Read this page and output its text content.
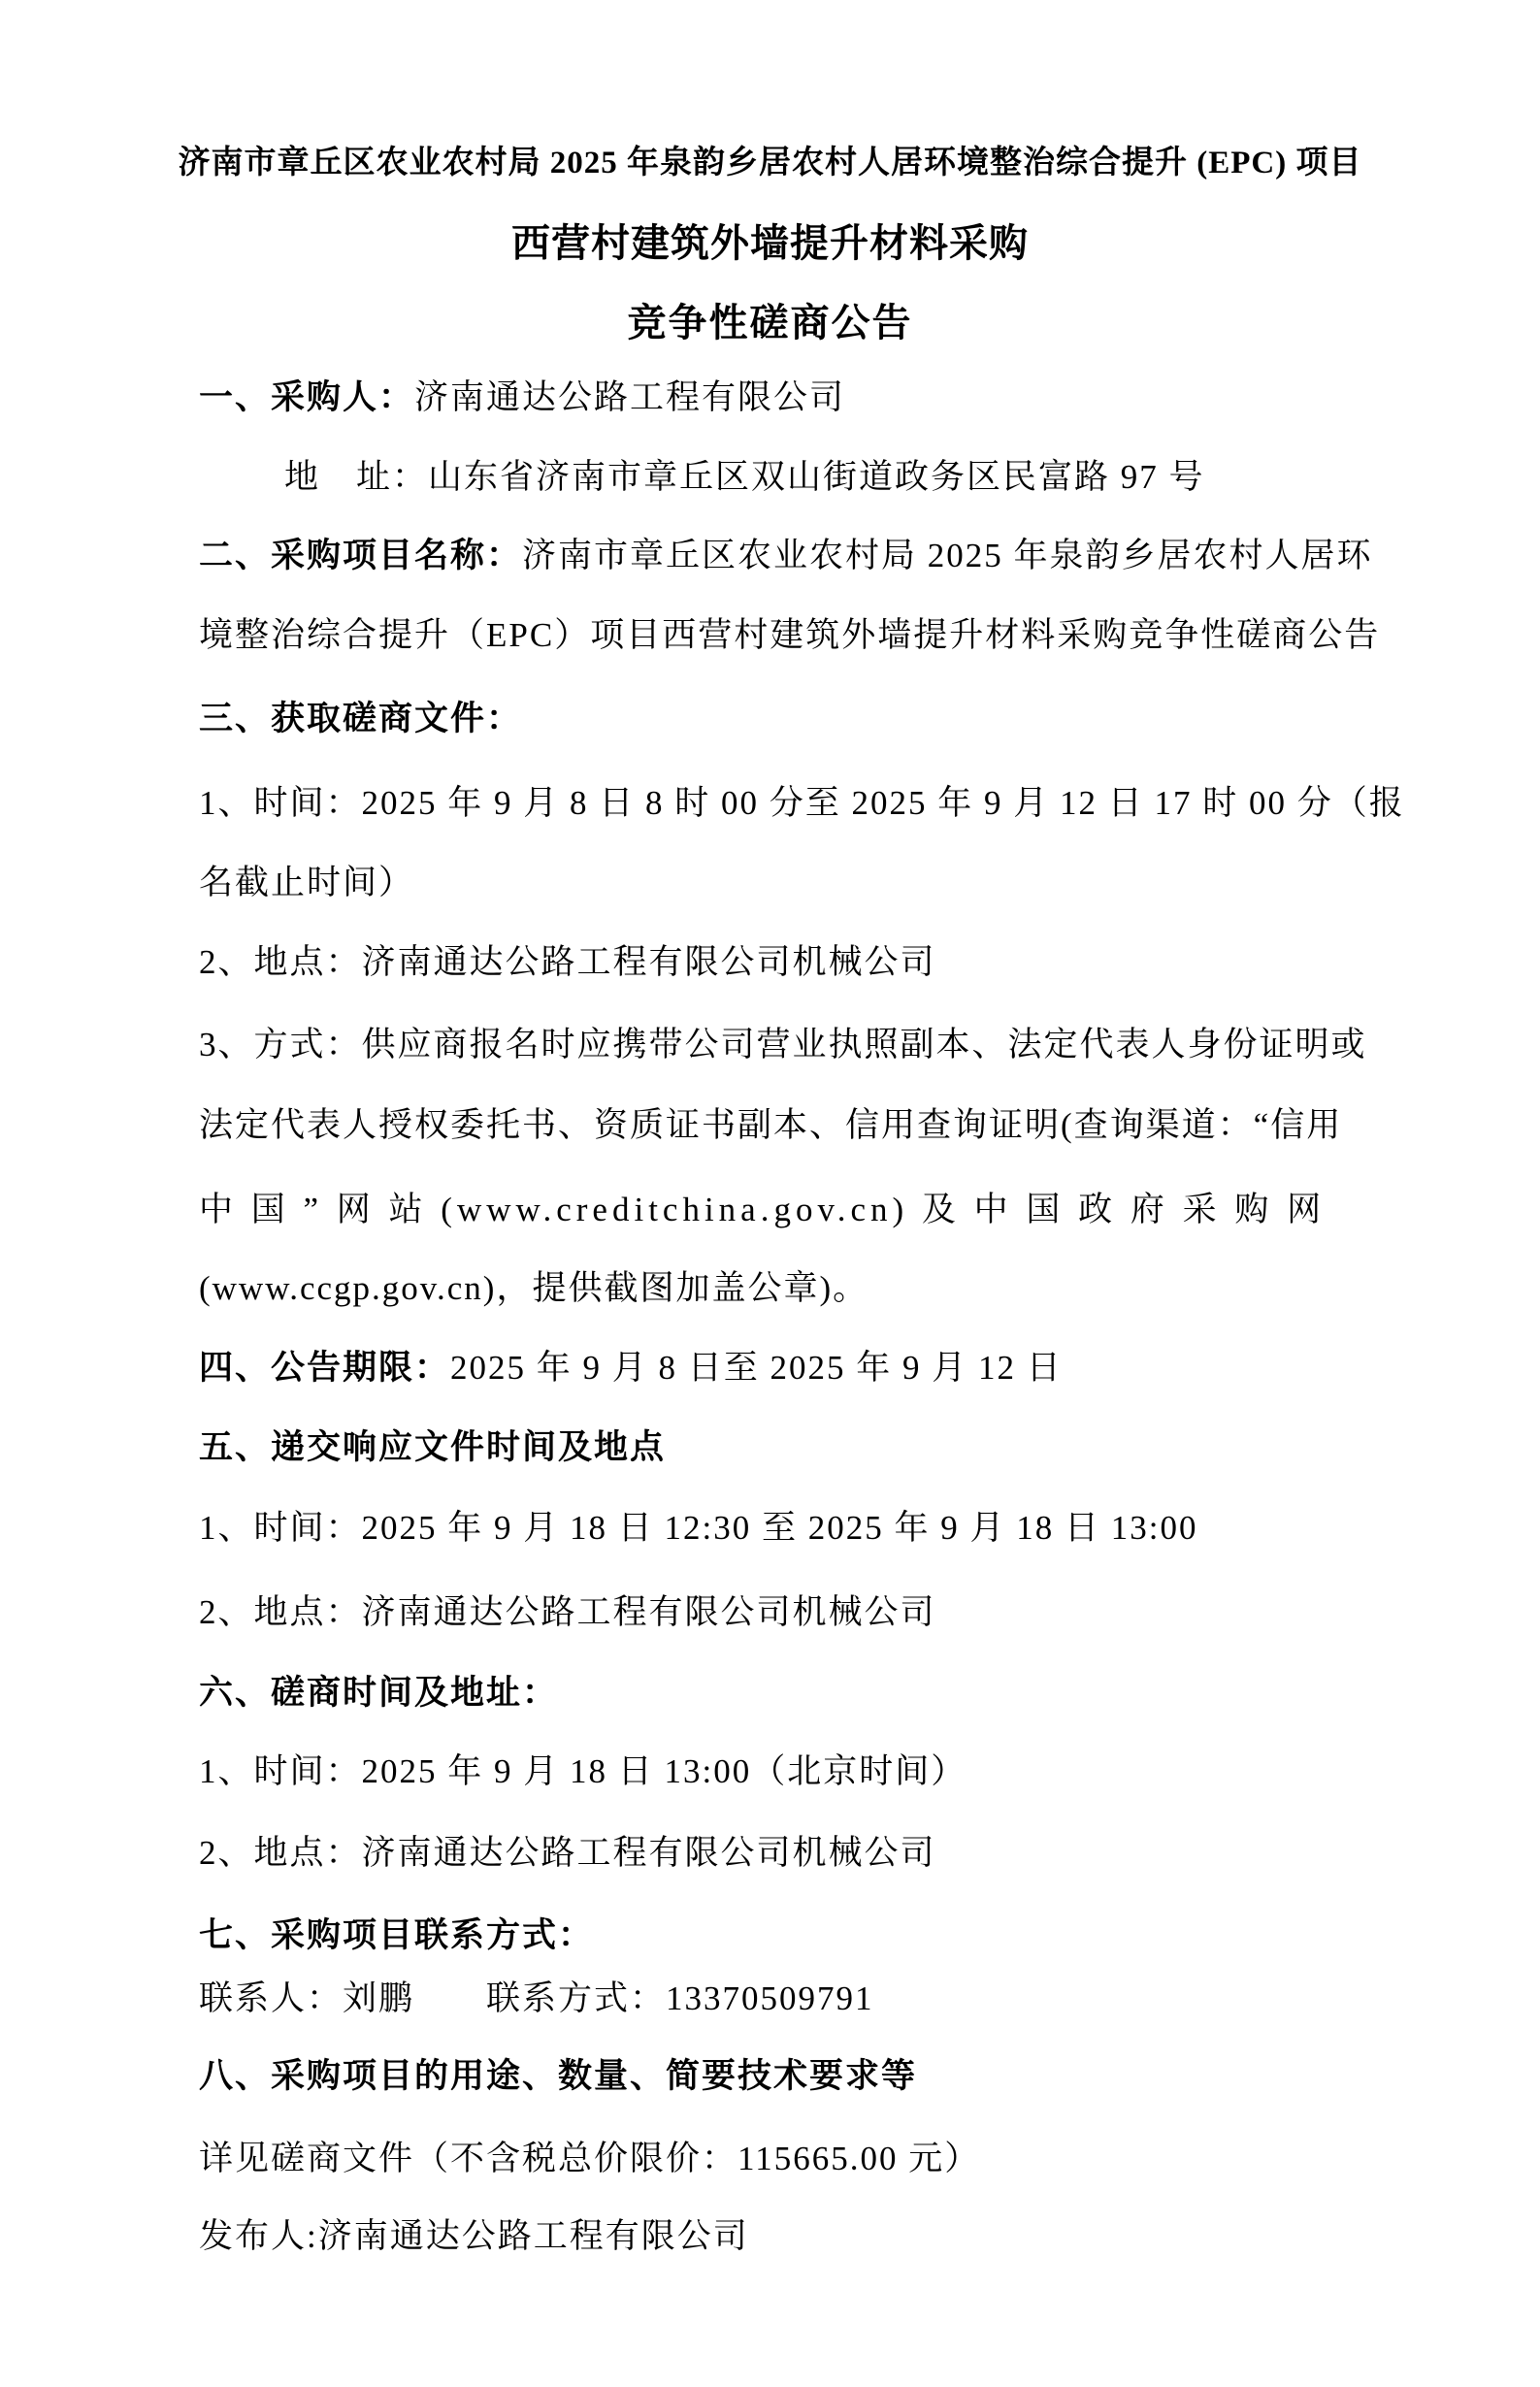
济南市章丘区农业农村局 2025 年泉韵乡居农村人居环境整治综合提升 (EPC) 项目
西营村建筑外墙提升材料采购
竞争性磋商公告
一、采购人：济南通达公路工程有限公司
地　址：山东省济南市章丘区双山街道政务区民富路 97 号
二、采购项目名称：济南市章丘区农业农村局 2025 年泉韵乡居农村人居环
境整治综合提升（EPC）项目西营村建筑外墙提升材料采购竞争性磋商公告
三、获取磋商文件：
1、时间：2025 年 9 月 8 日 8 时 00 分至 2025 年 9 月 12 日 17 时 00 分（报
名截止时间）
2、地点：济南通达公路工程有限公司机械公司
3、方式：供应商报名时应携带公司营业执照副本、法定代表人身份证明或
法定代表人授权委托书、资质证书副本、信用查询证明(查询渠道：“信用
中 国 ” 网 站 (www.creditchina.gov.cn) 及 中 国 政 府 采 购 网
(www.ccgp.gov.cn)，提供截图加盖公章)。
四、公告期限：2025 年 9 月 8 日至 2025 年 9 月 12 日
五、递交响应文件时间及地点
1、时间：2025 年 9 月 18 日 12:30 至 2025 年 9 月 18 日 13:00
2、地点：济南通达公路工程有限公司机械公司
六、磋商时间及地址：
1、时间：2025 年 9 月 18 日 13:00（北京时间）
2、地点：济南通达公路工程有限公司机械公司
七、采购项目联系方式：
联系人：刘鹏　　联系方式：13370509791
八、采购项目的用途、数量、简要技术要求等
详见磋商文件（不含税总价限价：115665.00 元）
发布人:济南通达公路工程有限公司
